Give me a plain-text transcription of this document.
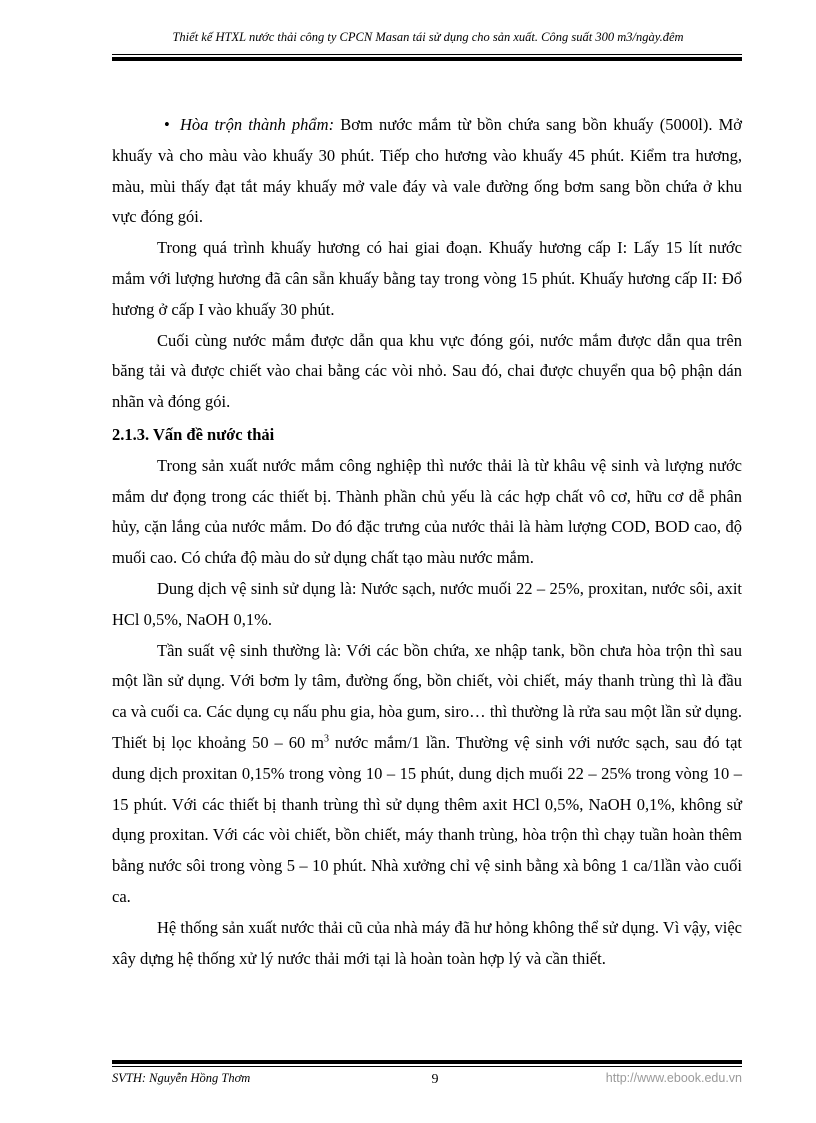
Thiết kế HTXL nước thải công ty CPCN Masan tái sử dụng cho sản xuất. Công suất 300 m3/ngày.đêm

• Hòa trộn thành phẩm: Bơm nước mắm từ bồn chứa sang bồn khuấy (5000l). Mở khuấy và cho màu vào khuấy 30 phút. Tiếp cho hương vào khuấy 45 phút. Kiểm tra hương, màu, mùi thấy đạt tắt máy khuấy mở vale đáy và vale đường ống bơm sang bồn chứa ở khu vực đóng gói.

Trong quá trình khuấy hương có hai giai đoạn. Khuấy hương cấp I: Lấy 15 lít nước mắm với lượng hương đã cân sẵn khuấy bằng tay trong vòng 15 phút. Khuấy hương cấp II: Đổ hương ở cấp I vào khuấy 30 phút.

Cuối cùng nước mắm được dẫn qua khu vực đóng gói, nước mắm được dẫn qua trên băng tải và được chiết vào chai bằng các vòi nhỏ. Sau đó, chai được chuyển qua bộ phận dán nhãn và đóng gói.

2.1.3. Vấn đề nước thải

Trong sản xuất nước mắm công nghiệp thì nước thải là từ khâu vệ sinh và lượng nước mắm dư đọng trong các thiết bị. Thành phần chủ yếu là các hợp chất vô cơ, hữu cơ dễ phân hủy, cặn lắng của nước mắm. Do đó đặc trưng của nước thải là hàm lượng COD, BOD cao, độ muối cao. Có chứa độ màu do sử dụng chất tạo màu nước mắm.

Dung dịch vệ sinh sử dụng là: Nước sạch, nước muối 22 – 25%, proxitan, nước sôi, axit HCl 0,5%, NaOH 0,1%.

Tần suất vệ sinh thường là: Với các bồn chứa, xe nhập tank, bồn chưa hòa trộn thì sau một lần sử dụng. Với bơm ly tâm, đường ống, bồn chiết, vòi chiết, máy thanh trùng thì là đầu ca và cuối ca. Các dụng cụ nấu phu gia, hòa gum, siro… thì thường là rửa sau một lần sử dụng. Thiết bị lọc khoảng 50 – 60 $m^3$ nước mắm/1 lần. Thường vệ sinh với nước sạch, sau đó tạt dung dịch proxitan 0,15% trong vòng 10 – 15 phút, dung dịch muối 22 – 25% trong vòng 10 – 15 phút. Với các thiết bị thanh trùng thì sử dụng thêm axit HCl 0,5%, NaOH 0,1%, không sử dụng proxitan. Với các vòi chiết, bồn chiết, máy thanh trùng, hòa trộn thì chạy tuần hoàn thêm bằng nước sôi trong vòng 5 – 10 phút. Nhà xưởng chỉ vệ sinh bằng xà bông 1 ca/1lần vào cuối ca.

Hệ thống sản xuất nước thải cũ của nhà máy đã hư hỏng không thể sử dụng. Vì vậy, việc xây dựng hệ thống xử lý nước thải mới tại là hoàn toàn hợp lý và cần thiết.

SVTH: Nguyễn Hồng Thơm	9	http://www.ebook.edu.vn
